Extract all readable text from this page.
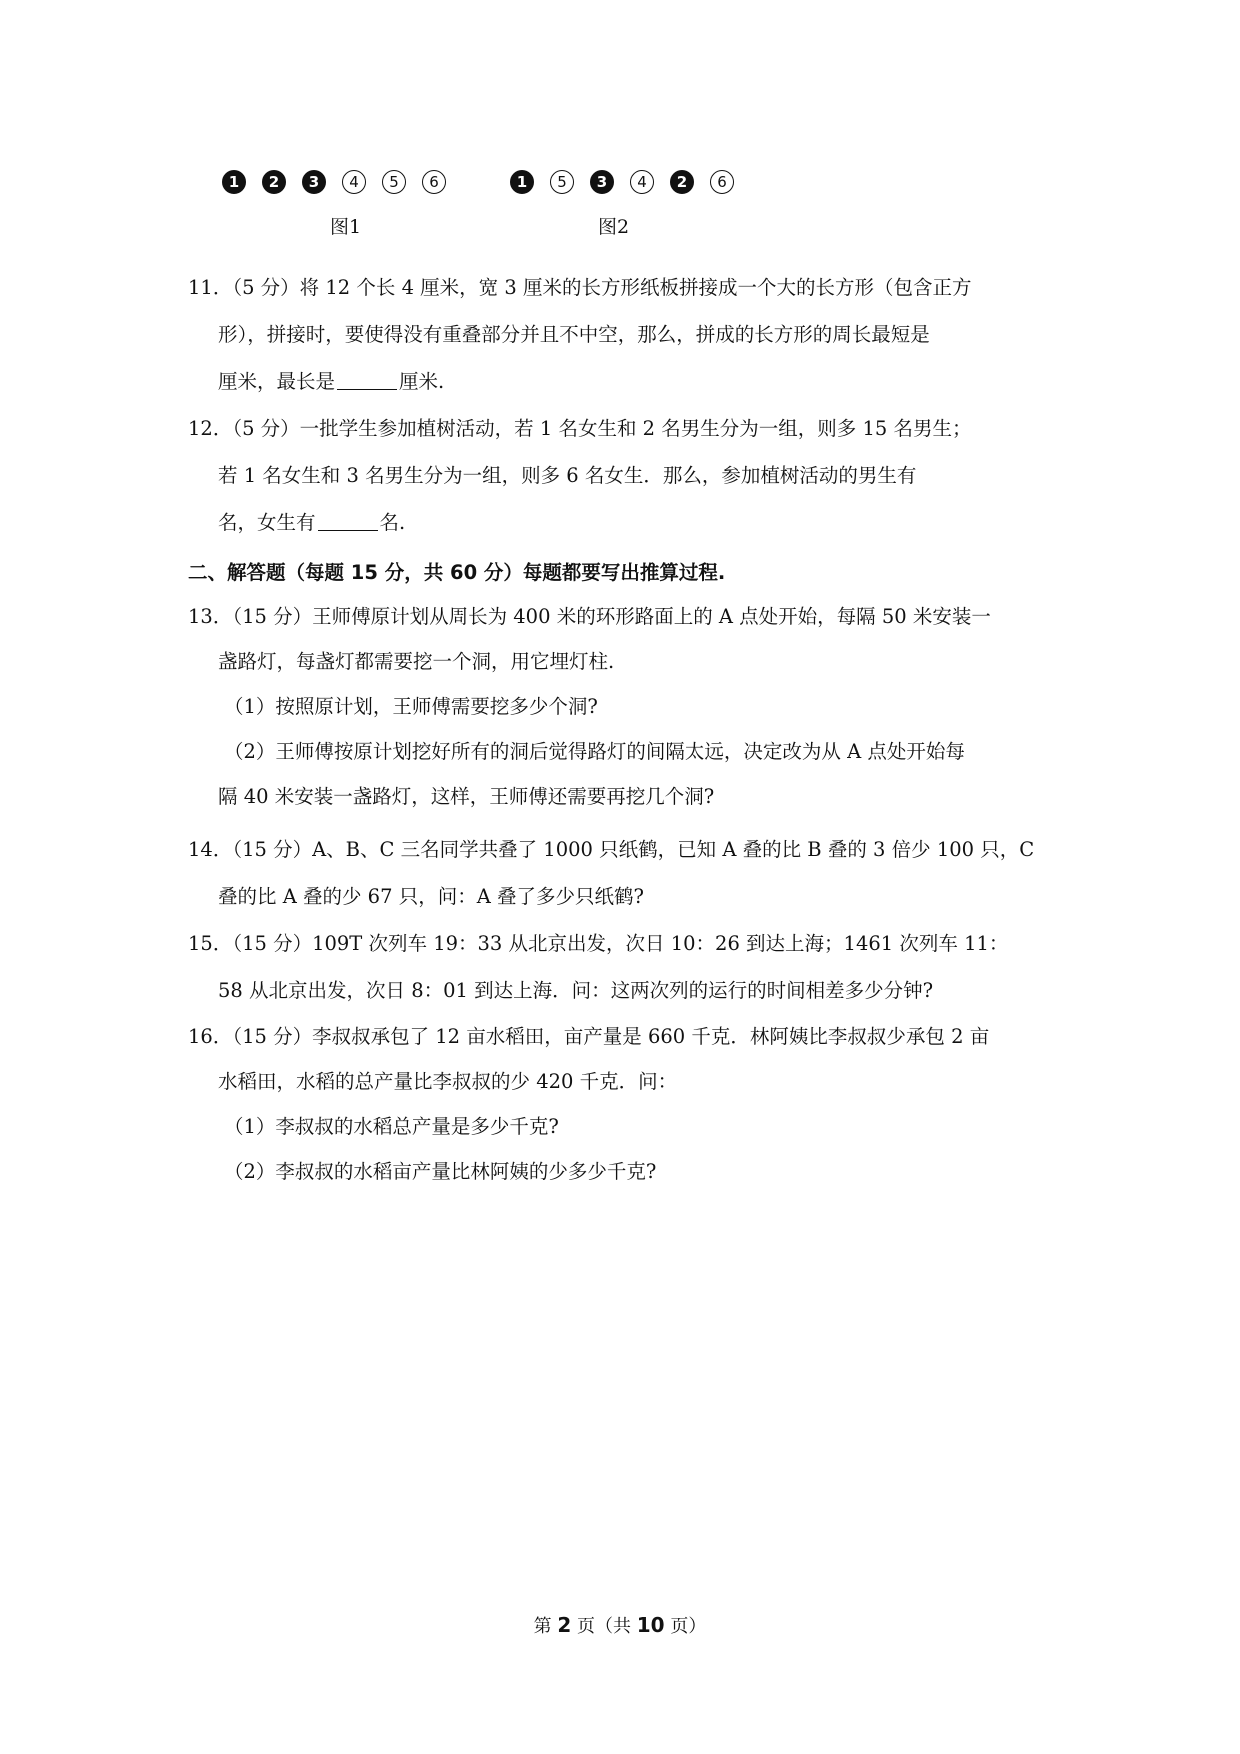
1	2	3	4	5	6
图1
1	5	3	4	2	6
图2
11．（5 分）将 12 个长 4 厘米，宽 3 厘米的长方形纸板拼接成一个大的长方形（包含正方
形），拼接时，要使得没有重叠部分并且不中空，那么，拼成的长方形的周长最短是
厘米，最长是	厘米.
12．（5 分）一批学生参加植树活动，若 1 名女生和 2 名男生分为一组，则多 15 名男生；
若 1 名女生和 3 名男生分为一组，则多 6 名女生．那么，参加植树活动的男生有
名，女生有	名.
二、解答题（每题 15 分，共 60 分）每题都要写出推算过程.
13．（15 分）王师傅原计划从周长为 400 米的环形路面上的 A 点处开始，每隔 50 米安装一
盏路灯，每盏灯都需要挖一个洞，用它埋灯柱.
（1）按照原计划，王师傅需要挖多少个洞?
（2）王师傅按原计划挖好所有的洞后觉得路灯的间隔太远，决定改为从 A 点处开始每
隔 40 米安装一盏路灯，这样，王师傅还需要再挖几个洞?
14．（15 分）A、B、C 三名同学共叠了 1000 只纸鹤，已知 A 叠的比 B 叠的 3 倍少 100 只，C
叠的比 A 叠的少 67 只，问：A 叠了多少只纸鹤?
15．（15 分）109T 次列车 19：33 从北京出发，次日 10：26 到达上海；1461 次列车 11：
58 从北京出发，次日 8：01 到达上海．问：这两次列的运行的时间相差多少分钟?
16．（15 分）李叔叔承包了 12 亩水稻田，亩产量是 660 千克．林阿姨比李叔叔少承包 2 亩
水稻田，水稻的总产量比李叔叔的少 420 千克．问：
（1）李叔叔的水稻总产量是多少千克?
（2）李叔叔的水稻亩产量比林阿姨的少多少千克?
第 2 页（共 10 页）
